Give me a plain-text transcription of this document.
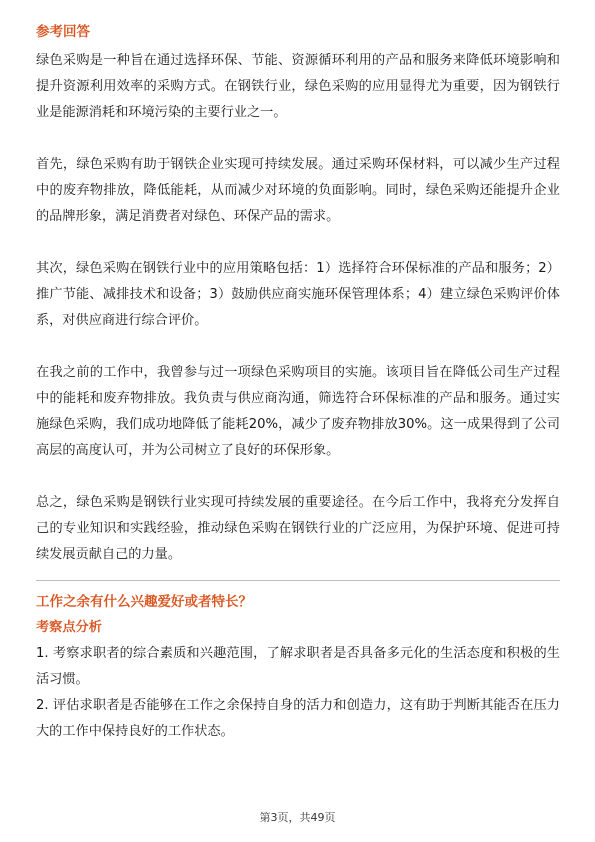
参考回答

绿色采购是一种旨在通过选择环保、节能、资源循环利用的产品和服务来降低环境影响和提升资源利用效率的采购方式。在钢铁行业，绿色采购的应用显得尤为重要，因为钢铁行业是能源消耗和环境污染的主要行业之一。

首先，绿色采购有助于钢铁企业实现可持续发展。通过采购环保材料，可以减少生产过程中的废弃物排放，降低能耗，从而减少对环境的负面影响。同时，绿色采购还能提升企业的品牌形象，满足消费者对绿色、环保产品的需求。

其次，绿色采购在钢铁行业中的应用策略包括：1）选择符合环保标准的产品和服务；2）推广节能、减排技术和设备；3）鼓励供应商实施环保管理体系；4）建立绿色采购评价体系，对供应商进行综合评价。

在我之前的工作中，我曾参与过一项绿色采购项目的实施。该项目旨在降低公司生产过程中的能耗和废弃物排放。我负责与供应商沟通，筛选符合环保标准的产品和服务。通过实施绿色采购，我们成功地降低了能耗20%，减少了废弃物排放30%。这一成果得到了公司高层的高度认可，并为公司树立了良好的环保形象。

总之，绿色采购是钢铁行业实现可持续发展的重要途径。在今后工作中，我将充分发挥自己的专业知识和实践经验，推动绿色采购在钢铁行业的广泛应用，为保护环境、促进可持续发展贡献自己的力量。

工作之余有什么兴趣爱好或者特长？
考察点分析

1. 考察求职者的综合素质和兴趣范围，了解求职者是否具备多元化的生活态度和积极的生活习惯。

2. 评估求职者是否能够在工作之余保持自身的活力和创造力，这有助于判断其能否在压力大的工作中保持良好的工作状态。

第3页，共49页
